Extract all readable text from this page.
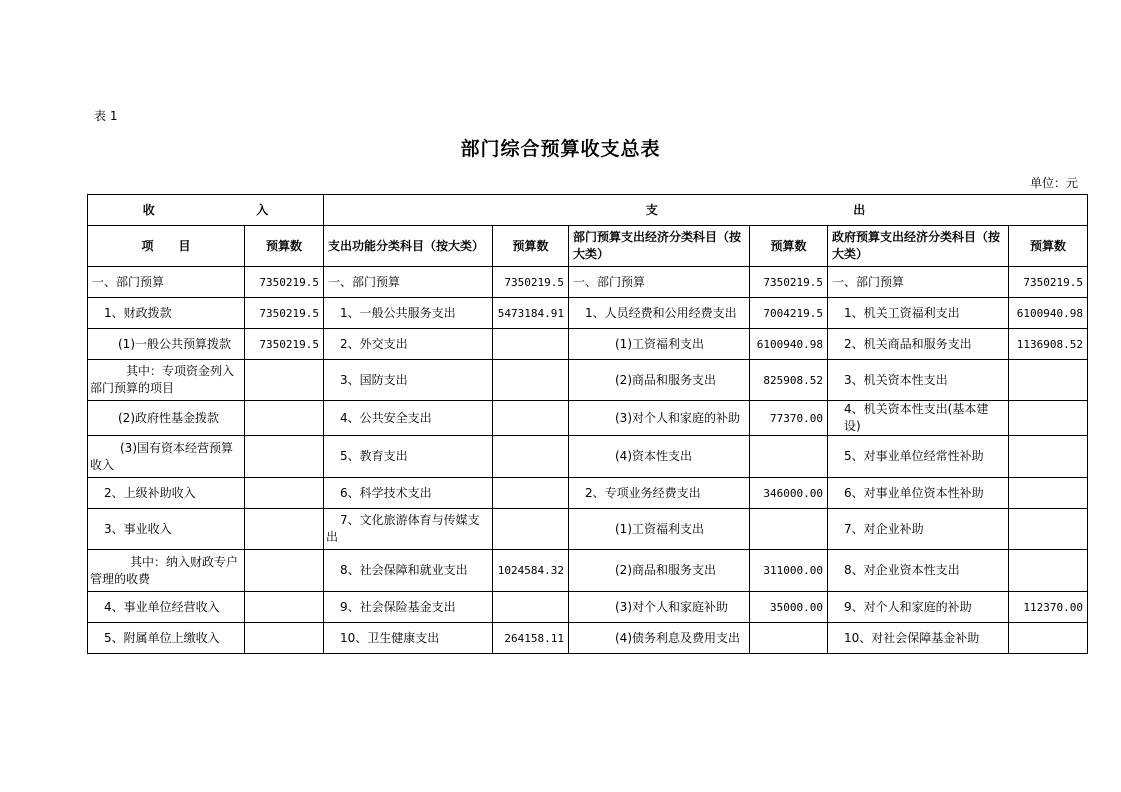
表 1
部门综合预算收支总表
单位：元
收 入		支 出					

项 目	预算数	支出功能分类科目（按大类）	预算数	部门预算支出经济分类科目（按大类）	预算数	政府预算支出经济分类科目（按大类）	预算数
一、部门预算	7350219.5	一、部门预算	7350219.5	一、部门预算	7350219.5	一、部门预算	7350219.5
1、财政拨款	7350219.5	1、一般公共服务支出	5473184.91	1、人员经费和公用经费支出	7004219.5	1、机关工资福利支出	6100940.98
(1)一般公共预算拨款	7350219.5	2、外交支出		(1)工资福利支出	6100940.98	2、机关商品和服务支出	1136908.52
其中：专项资金列入部门预算的项目		3、国防支出		(2)商品和服务支出	825908.52	3、机关资本性支出	
(2)政府性基金拨款		4、公共安全支出		(3)对个人和家庭的补助	77370.00	4、机关资本性支出(基本建设)	
(3)国有资本经营预算收入		5、教育支出		(4)资本性支出		5、对事业单位经常性补助	
2、上级补助收入		6、科学技术支出		2、专项业务经费支出	346000.00	6、对事业单位资本性补助	
3、事业收入		7、文化旅游体育与传媒支出		(1)工资福利支出		7、对企业补助	
其中：纳入财政专户管理的收费		8、社会保障和就业支出	1024584.32	(2)商品和服务支出	311000.00	8、对企业资本性支出	
4、事业单位经营收入		9、社会保险基金支出		(3)对个人和家庭补助	35000.00	9、对个人和家庭的补助	112370.00
5、附属单位上缴收入		10、卫生健康支出	264158.11	(4)债务利息及费用支出		10、对社会保障基金补助	
